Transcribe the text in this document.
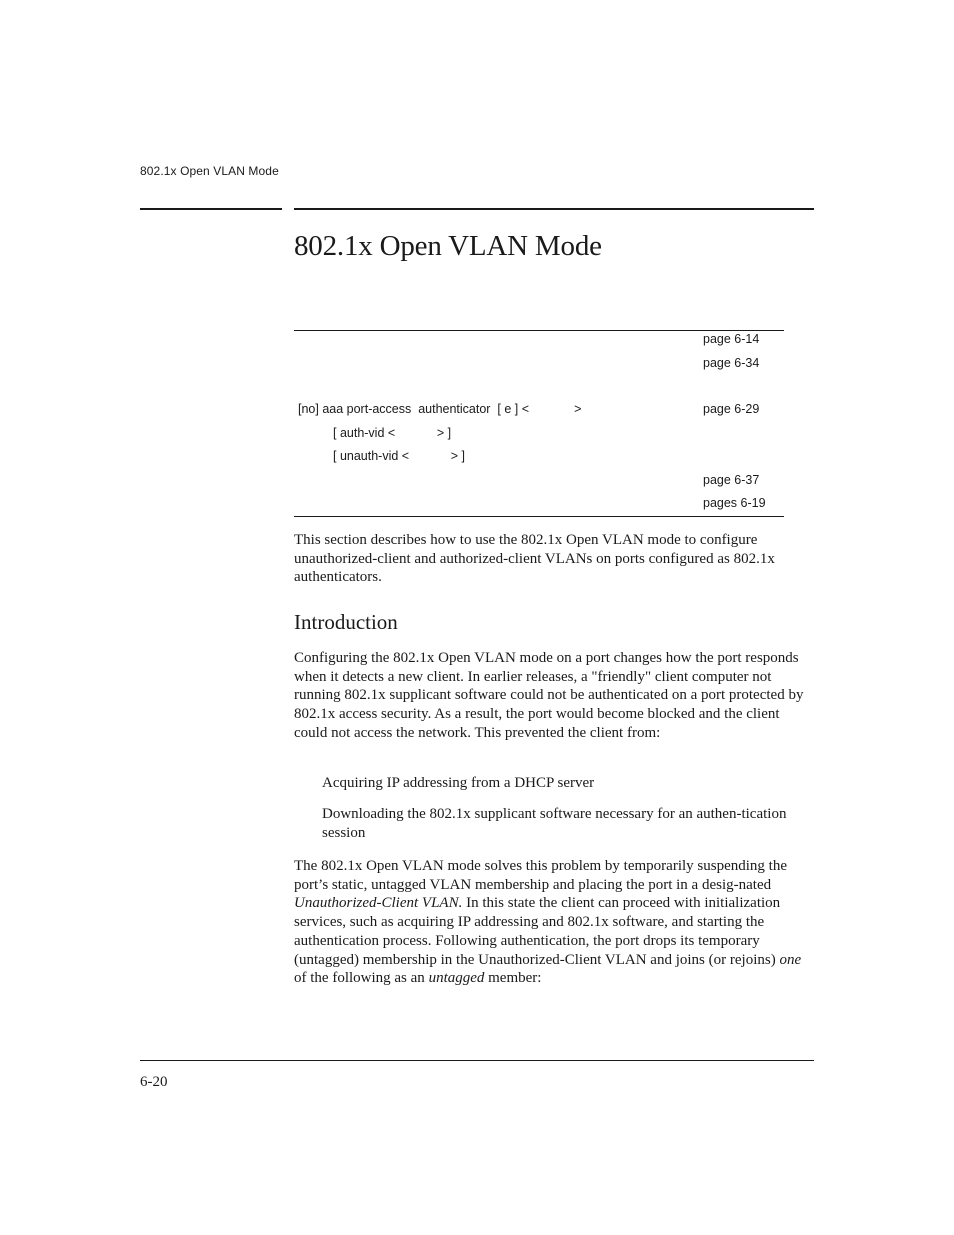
802.1x Open VLAN Mode
802.1x Open VLAN Mode
page 6-14
page 6-34
[no] aaa port-access  authenticator  [ e ] <             >	page 6-29
[ auth-vid <            > ]
[ unauth-vid <            > ]
page 6-37
pages 6-19

This section describes how to use the 802.1x Open VLAN mode to configure unauthorized-client and authorized-client VLANs on ports configured as 802.1x authenticators.

Introduction

Configuring the 802.1x Open VLAN mode on a port changes how the port responds when it detects a new client. In earlier releases, a "friendly" client computer not running 802.1x supplicant software could not be authenticated on a port protected by 802.1x access security. As a result, the port would become blocked and the client could not access the network. This prevented the client from:

Acquiring IP addressing from a DHCP server

Downloading the 802.1x supplicant software necessary for an authen-tication session

The 802.1x Open VLAN mode solves this problem by temporarily suspending the port’s static, untagged VLAN membership and placing the port in a desig-nated Unauthorized-Client VLAN. In this state the client can proceed with initialization services, such as acquiring IP addressing and 802.1x software, and starting the authentication process. Following authentication, the port drops its temporary (untagged) membership in the Unauthorized-Client VLAN and joins (or rejoins) one of the following as an untagged member:

6-20
